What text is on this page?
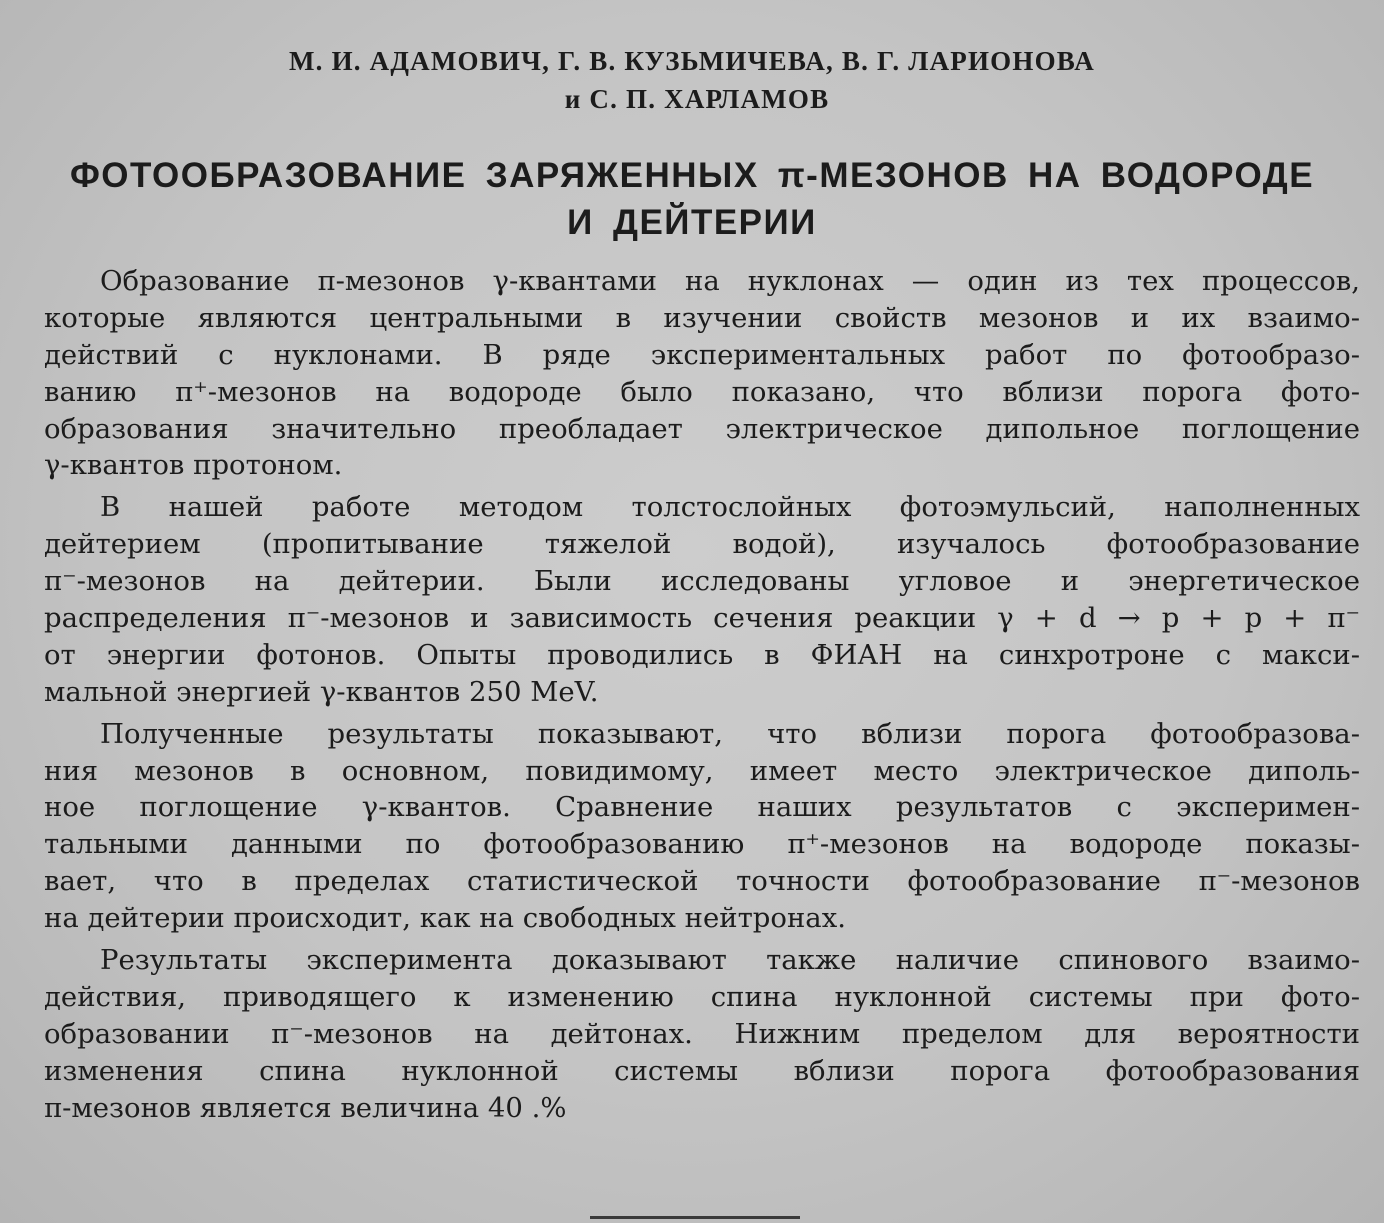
М. И. АДАМОВИЧ, Г. В. КУЗЬМИЧЕВА, В. Г. ЛАРИОНОВА
и С. П. ХАРЛАМОВ
ФОТООБРАЗОВАНИЕ ЗАРЯЖЕННЫХ π-МЕЗОНОВ НА ВОДОРОДЕ
И ДЕЙТЕРИИ

Образование π-мезонов γ-квантами на нуклонах — один из тех процессов,
которые являются центральными в изучении свойств мезонов и их взаимо-
действий с нуклонами. В ряде экспериментальных работ по фотообразо-
ванию π⁺-мезонов на водороде было показано, что вблизи порога фото-
образования значительно преобладает электрическое дипольное поглощение
γ-квантов протоном.

В нашей работе методом толстослойных фотоэмульсий, наполненных
дейтерием (пропитывание тяжелой водой), изучалось фотообразование
π⁻-мезонов на дейтерии. Были исследованы угловое и энергетическое
распределения π⁻-мезонов и зависимость сечения реакции γ + d → p + p + π⁻
от энергии фотонов. Опыты проводились в ФИАН на синхротроне с макси-
мальной энергией γ-квантов 250 MeV.

Полученные результаты показывают, что вблизи порога фотообразова-
ния мезонов в основном, повидимому, имеет место электрическое диполь-
ное поглощение γ-квантов. Сравнение наших результатов с эксперимен-
тальными данными по фотообразованию π⁺-мезонов на водороде показы-
вает, что в пределах статистической точности фотообразование π⁻-мезонов
на дейтерии происходит, как на свободных нейтронах.

Результаты эксперимента доказывают также наличие спинового взаимо-
действия, приводящего к изменению спина нуклонной системы при фото-
образовании π⁻-мезонов на дейтонах. Нижним пределом для вероятности
изменения спина нуклонной системы вблизи порога фотообразования
π-мезонов является величина 40 .%
